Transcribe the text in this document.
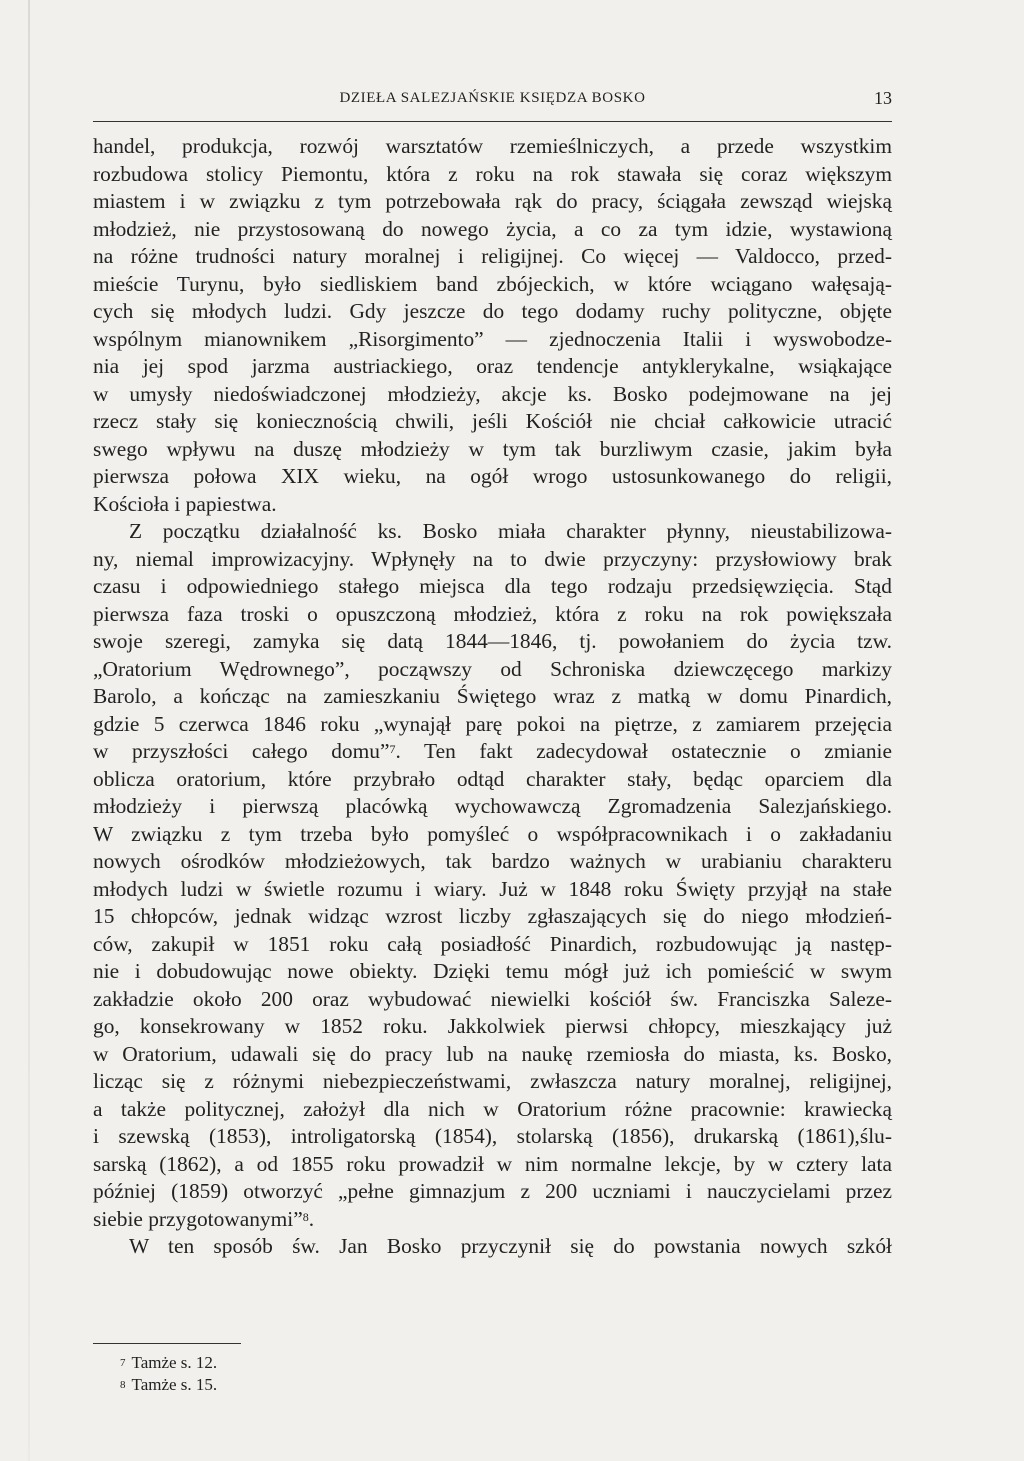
DZIEŁA SALEZJAŃSKIE KSIĘDZA BOSKO	13
handel, produkcja, rozwój warsztatów rzemieślniczych, a przede wszystkim
rozbudowa stolicy Piemontu, która z roku na rok stawała się coraz większym
miastem i w związku z tym potrzebowała rąk do pracy, ściągała zewsząd wiejską
młodzież, nie przystosowaną do nowego życia, a co za tym idzie, wystawioną
na różne trudności natury moralnej i religijnej. Co więcej — Valdocco, przed-
mieście Turynu, było siedliskiem band zbójeckich, w które wciągano wałęsają-
cych się młodych ludzi. Gdy jeszcze do tego dodamy ruchy polityczne, objęte
wspólnym mianownikem „Risorgimento” — zjednoczenia Italii i wyswobodze-
nia jej spod jarzma austriackiego, oraz tendencje antyklerykalne, wsiąkające
w umysły niedoświadczonej młodzieży, akcje ks. Bosko podejmowane na jej
rzecz stały się koniecznością chwili, jeśli Kościół nie chciał całkowicie utracić
swego wpływu na duszę młodzieży w tym tak burzliwym czasie, jakim była
pierwsza połowa XIX wieku, na ogół wrogo ustosunkowanego do religii,
Kościoła i papiestwa.
Z początku działalność ks. Bosko miała charakter płynny, nieustabilizowa-
ny, niemal improwizacyjny. Wpłynęły na to dwie przyczyny: przysłowiowy brak
czasu i odpowiedniego stałego miejsca dla tego rodzaju przedsięwzięcia. Stąd
pierwsza faza troski o opuszczoną młodzież, która z roku na rok powiększała
swoje szeregi, zamyka się datą 1844—1846, tj. powołaniem do życia tzw.
„Oratorium Wędrownego”, począwszy od Schroniska dziewczęcego markizy
Barolo, a kończąc na zamieszkaniu Świętego wraz z matką w domu Pinardich,
gdzie 5 czerwca 1846 roku „wynajął parę pokoi na piętrze, z zamiarem przejęcia
w przyszłości całego domu”$^7$. Ten fakt zadecydował ostatecznie o zmianie
oblicza oratorium, które przybrało odtąd charakter stały, będąc oparciem dla
młodzieży i pierwszą placówką wychowawczą Zgromadzenia Salezjańskiego.
W związku z tym trzeba było pomyśleć o współpracownikach i o zakładaniu
nowych ośrodków młodzieżowych, tak bardzo ważnych w urabianiu charakteru
młodych ludzi w świetle rozumu i wiary. Już w 1848 roku Święty przyjął na stałe
15 chłopców, jednak widząc wzrost liczby zgłaszających się do niego młodzień-
ców, zakupił w 1851 roku całą posiadłość Pinardich, rozbudowując ją następ-
nie i dobudowując nowe obiekty. Dzięki temu mógł już ich pomieścić w swym
zakładzie około 200 oraz wybudować niewielki kościół św. Franciszka Saleze-
go, konsekrowany w 1852 roku. Jakkolwiek pierwsi chłopcy, mieszkający już
w Oratorium, udawali się do pracy lub na naukę rzemiosła do miasta, ks. Bosko,
licząc się z różnymi niebezpieczeństwami, zwłaszcza natury moralnej, religijnej,
a także politycznej, założył dla nich w Oratorium różne pracownie: krawiecką
i szewską (1853), introligatorską (1854), stolarską (1856), drukarską (1861),ślu-
sarską (1862), a od 1855 roku prowadził w nim normalne lekcje, by w cztery lata
później (1859) otworzyć „pełne gimnazjum z 200 uczniami i nauczycielami przez
siebie przygotowanymi”$^8$.
W ten sposób św. Jan Bosko przyczynił się do powstania nowych szkół
$^7$ Tamże s. 12.
$^8$ Tamże s. 15.
